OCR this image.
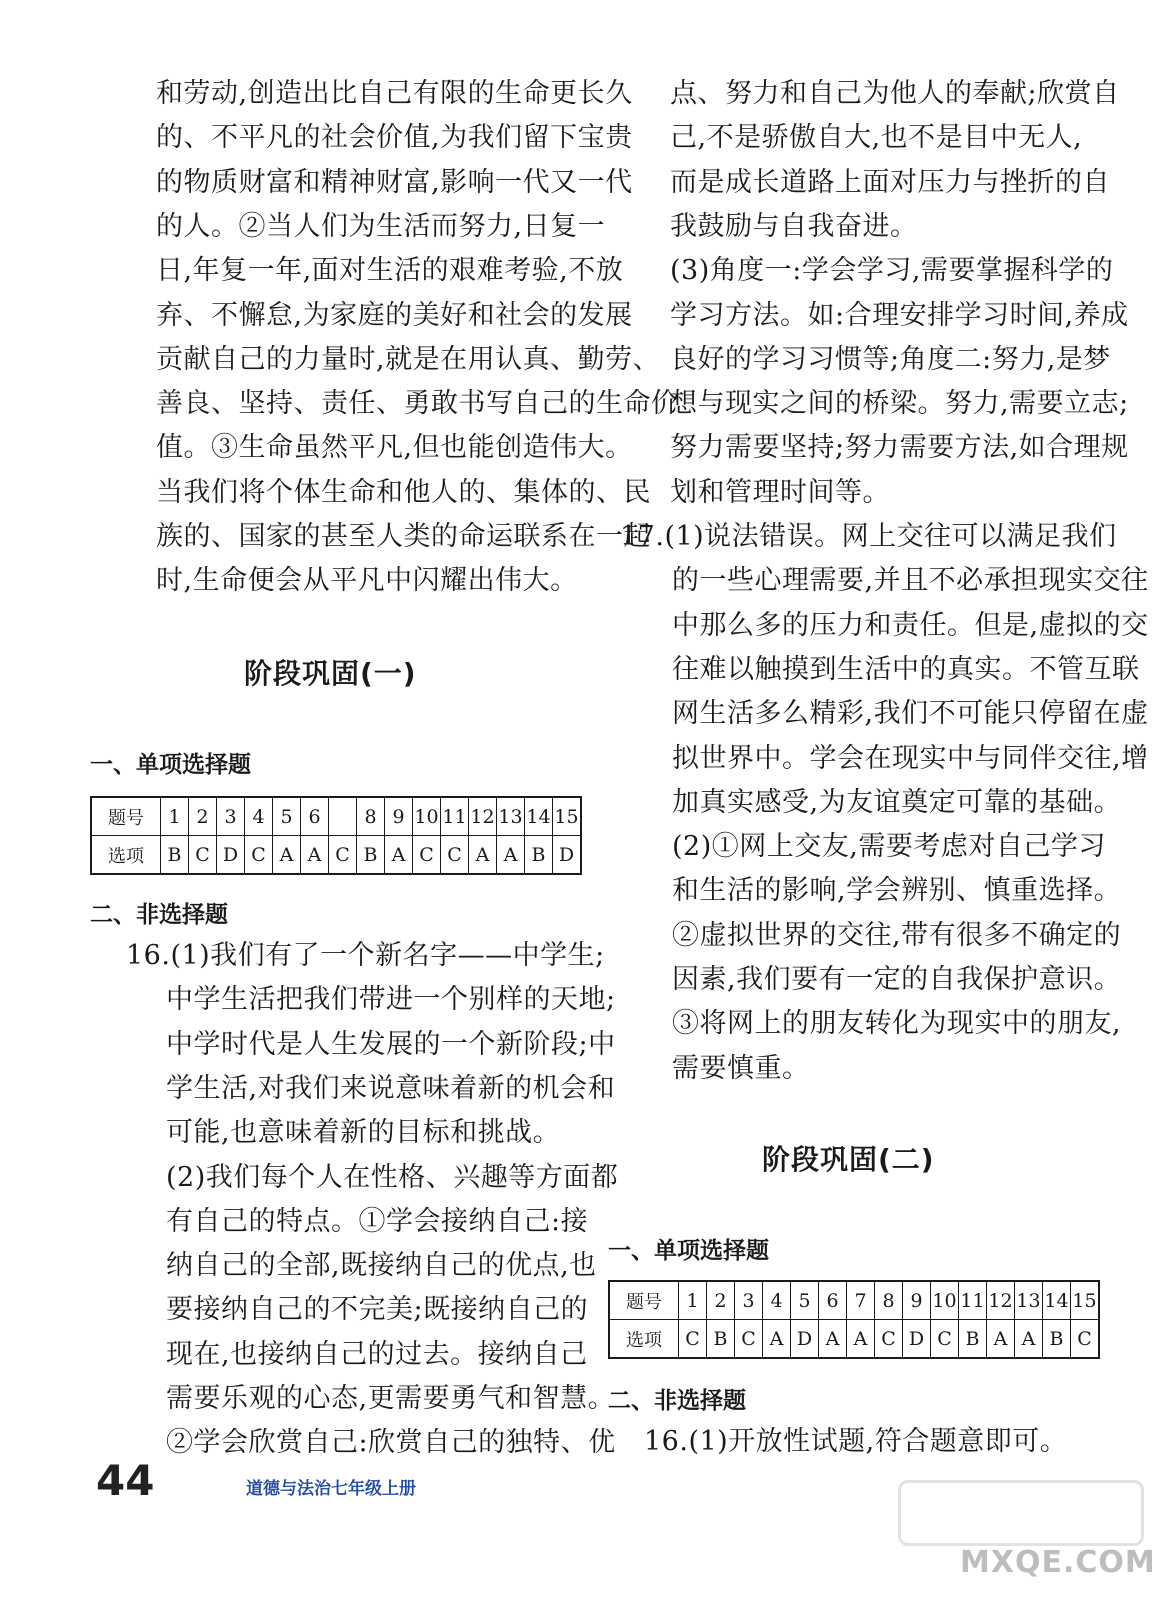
和劳动,创造出比自己有限的生命更长久
的、不平凡的社会价值,为我们留下宝贵
的物质财富和精神财富,影响一代又一代
的人。②当人们为生活而努力,日复一
日,年复一年,面对生活的艰难考验,不放
弃、不懈怠,为家庭的美好和社会的发展
贡献自己的力量时,就是在用认真、勤劳、
善良、坚持、责任、勇敢书写自己的生命价
值。③生命虽然平凡,但也能创造伟大。
当我们将个体生命和他人的、集体的、民
族的、国家的甚至人类的命运联系在一起
时,生命便会从平凡中闪耀出伟大。
阶段巩固(一)
一、单项选择题
题号	1	2	3	4	5	6		8	9	10	11	12	13	14	15
选项	B	C	D	C	A	A	C	B	A	C	C	A	A	B	D
二、非选择题
16.(1)我们有了一个新名字——中学生;
中学生活把我们带进一个别样的天地;
中学时代是人生发展的一个新阶段;中
学生活,对我们来说意味着新的机会和
可能,也意味着新的目标和挑战。
(2)我们每个人在性格、兴趣等方面都
有自己的特点。①学会接纳自己:接
纳自己的全部,既接纳自己的优点,也
要接纳自己的不完美;既接纳自己的
现在,也接纳自己的过去。接纳自己
需要乐观的心态,更需要勇气和智慧。
②学会欣赏自己:欣赏自己的独特、优
点、努力和自己为他人的奉献;欣赏自
己,不是骄傲自大,也不是目中无人,
而是成长道路上面对压力与挫折的自
我鼓励与自我奋进。
(3)角度一:学会学习,需要掌握科学的
学习方法。如:合理安排学习时间,养成
良好的学习习惯等;角度二:努力,是梦
想与现实之间的桥梁。努力,需要立志;
努力需要坚持;努力需要方法,如合理规
划和管理时间等。
17.(1)说法错误。网上交往可以满足我们
的一些心理需要,并且不必承担现实交往
中那么多的压力和责任。但是,虚拟的交
往难以触摸到生活中的真实。不管互联
网生活多么精彩,我们不可能只停留在虚
拟世界中。学会在现实中与同伴交往,增
加真实感受,为友谊奠定可靠的基础。
(2)①网上交友,需要考虑对自己学习
和生活的影响,学会辨别、慎重选择。
②虚拟世界的交往,带有很多不确定的
因素,我们要有一定的自我保护意识。
③将网上的朋友转化为现实中的朋友,
需要慎重。
阶段巩固(二)
一、单项选择题
题号	1	2	3	4	5	6	7	8	9	10	11	12	13	14	15
选项	C	B	C	A	D	A	A	C	D	C	B	A	A	B	C
二、非选择题
16.(1)开放性试题,符合题意即可。
44	道德与法治七年级上册
MXQE.COM
